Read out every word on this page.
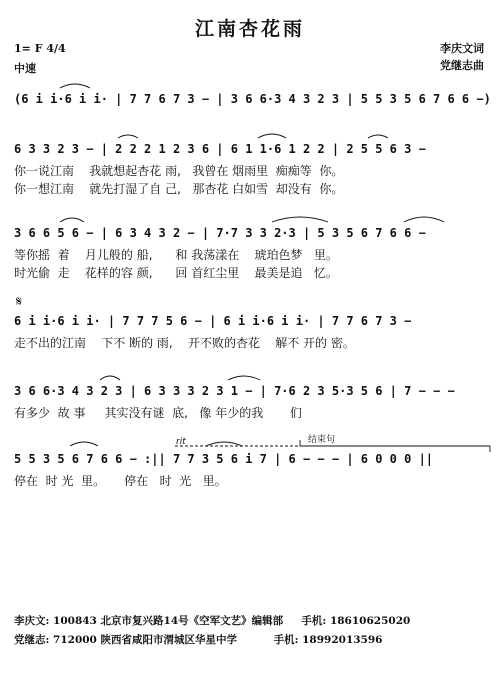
江南杏花雨
1= F 4/4
中速
李庆文词
党继志曲
(6 i i·6 i i· | 7 7 6 7 3 − | 3 6 6·3 4 3 2 3 | 5 5 3 5 6 7 6 6 −)
6 3 3 2 3 − | 2 2 2 1 2 3 6 | 6 1 1·6 1 2 2 | 2 5 5 6 3 −
你一说江南    我就想起杏花 雨,   我曾在 烟雨里  痴痴等  你。
你一想江南    就先打湿了自 己,   那杏花 白如雪  却没有  你。
3 6 6 5 6 − | 6 3 4 3 2 − | 7·7 3 3 2·3 | 5 3 5 6 7 6 6 −
等你摇  着    月儿般的 船,      和 我荡漾在    琥珀色梦   里。
时光偷  走    花样的容 颜,      回 首红尘里    最美是追   忆。
𝄋
6 i i·6 i i· | 7 7 7 5 6 − | 6 i i·6 i i· | 7 7 6 7 3 −
走不出的江南    下不 断的 雨,    开不败的杏花    解不 开的 密。
3 6 6·3 4 3 2 3 | 6 3 3 3 2 3 1 − | 7·6 2 3 5·3 5 6 | 7 − − −
有多少  故 事     其实没有谜  底,   像 年少的我       们
rit	结束句
5 5 3 5 6 7 6 6 − :|| 7 7 3 5 6 i 7 | 6 − − − | 6 0 0 0 ||
停在  时 光  里。     停在   时  光   里。
李庆文: 100843 北京市复兴路14号《空军文艺》编辑部     手机: 18610625020
党继志: 712000 陕西省咸阳市渭城区华星中学          手机: 18992013596
